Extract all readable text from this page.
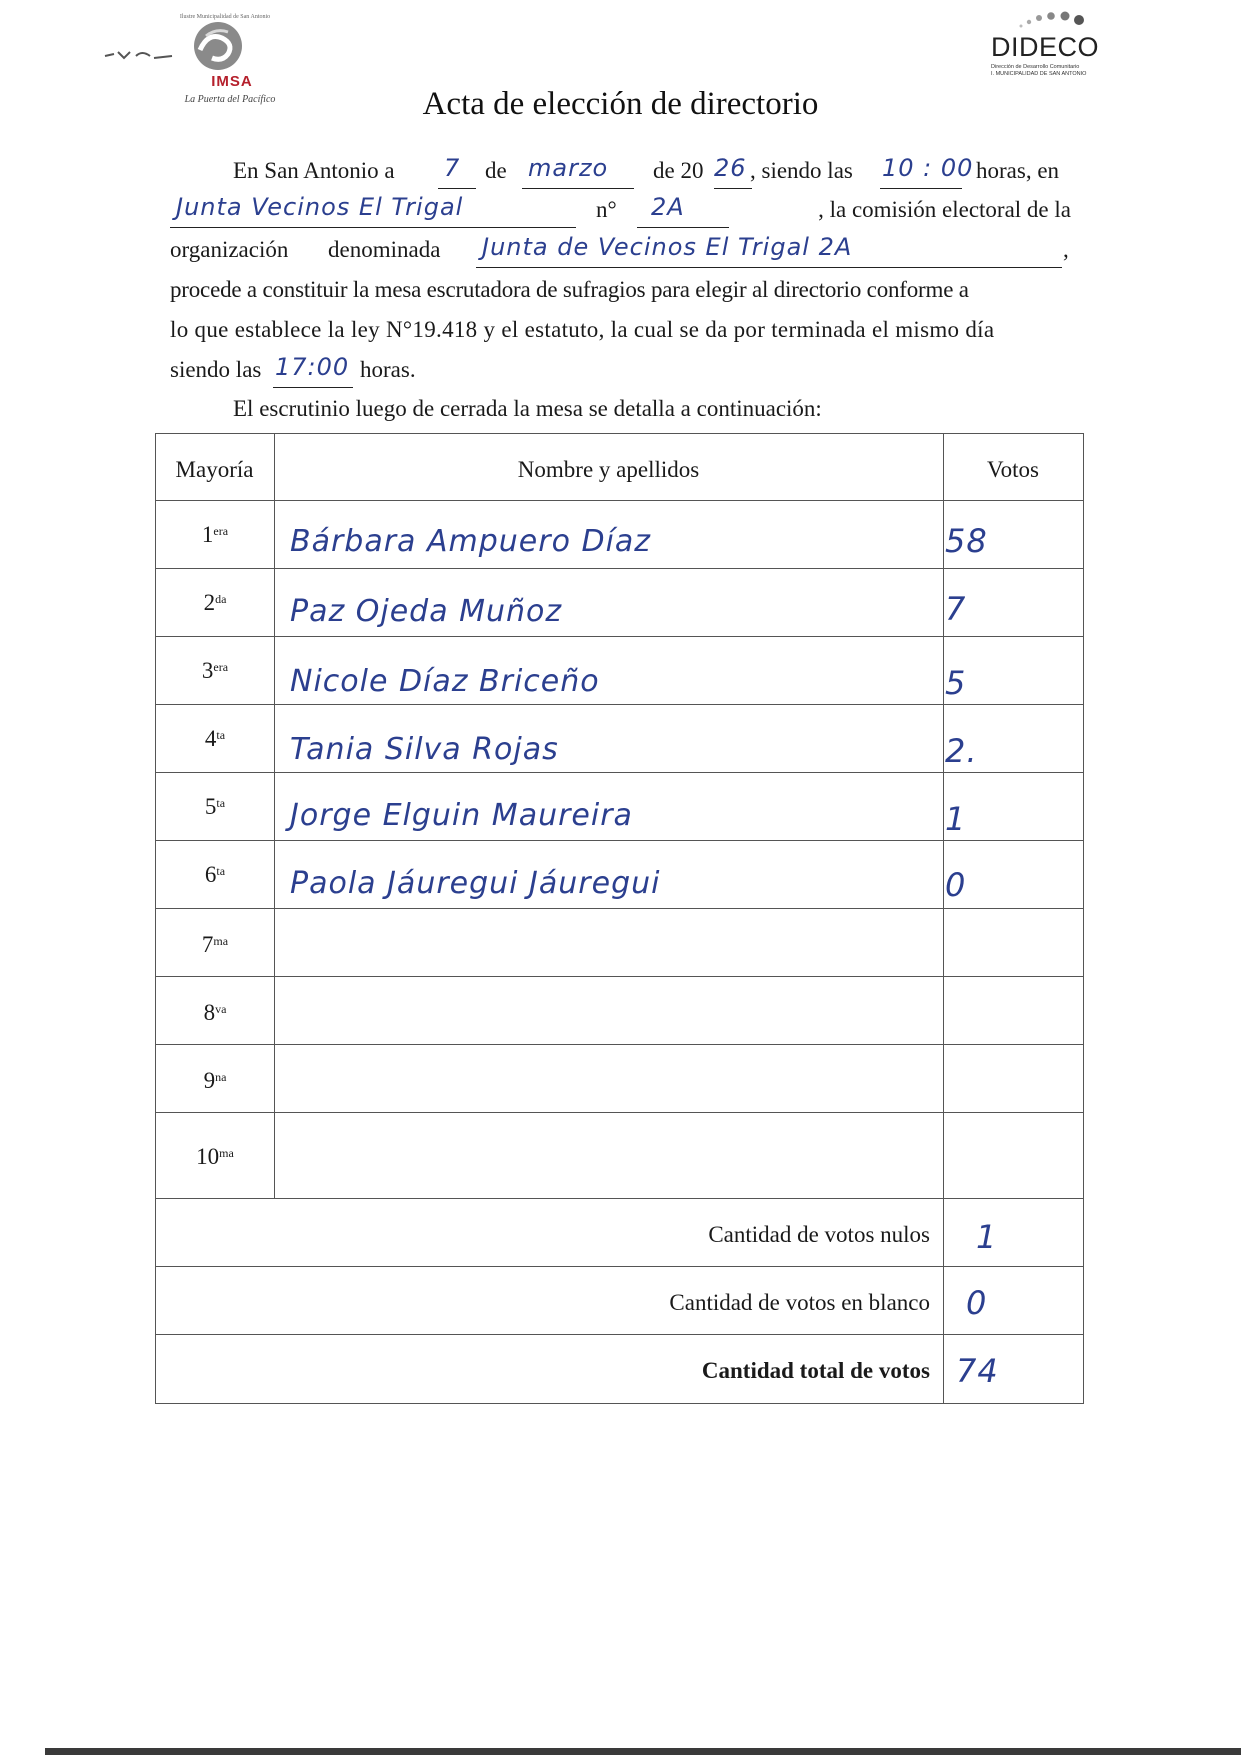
Ilustre Municipalidad de San Antonio
IMSA
La Puerta del Pacífico
DIDECO
Dirección de Desarrollo Comunitario
I. MUNICIPALIDAD DE SAN ANTONIO
Acta de elección de directorio
En San Antonio a 7 de marzo de 20 26 , siendo las 10 : 00 horas, en
Junta Vecinos El Trigal	n° 2A	, la comisión electoral de la
organización denominada Junta de Vecinos El Trigal 2A	,
procede a constituir la mesa escrutadora de sufragios para elegir al directorio conforme a
lo que establece la ley N°19.418 y el estatuto, la cual se da por terminada el mismo día
siendo las 17:00 horas.
El escrutinio luego de cerrada la mesa se detalla a continuación:
Mayoría	Nombre y apellidos	Votos
$1^{era}$	Bárbara Ampuero Díaz	58
$2^{da}$	Paz Ojeda Muñoz	7
$3^{era}$	Nicole Díaz Briceño	5
$4^{ta}$	Tania Silva Rojas	2.
$5^{ta}$	Jorge Elguin Maureira	1
$6^{ta}$	Paola Jáuregui Jáuregui	0
$7^{ma}$
$8^{va}$
$9^{na}$
$10^{ma}$
Cantidad de votos nulos 1
Cantidad de votos en blanco 0
Cantidad total de votos 74
